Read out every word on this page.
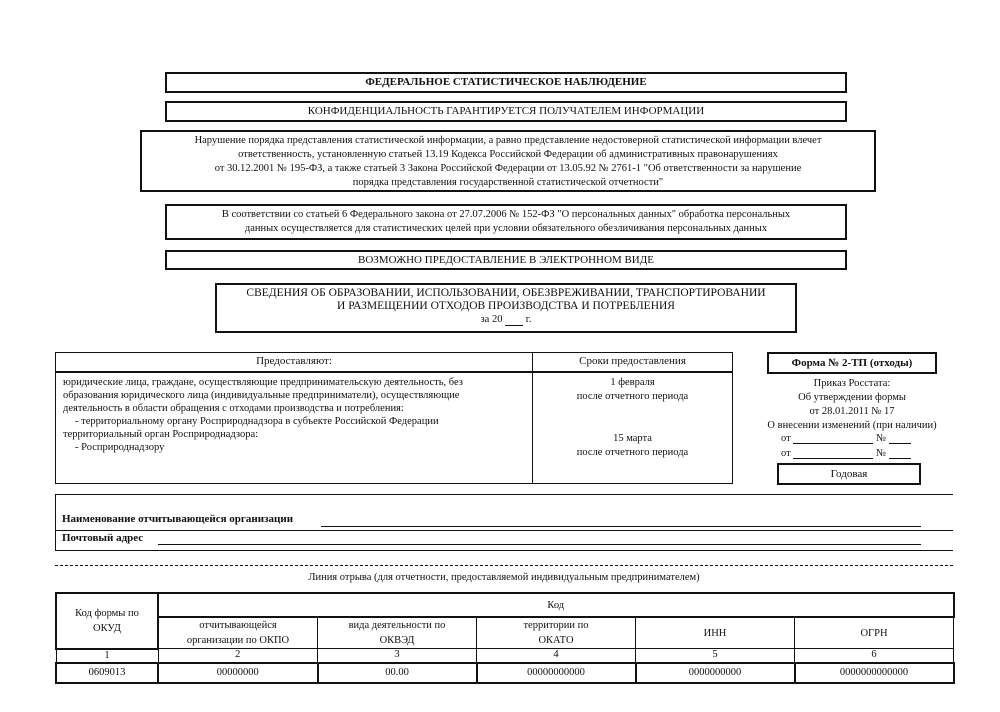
ФЕДЕРАЛЬНОЕ СТАТИСТИЧЕСКОЕ НАБЛЮДЕНИЕ
КОНФИДЕНЦИАЛЬНОСТЬ ГАРАНТИРУЕТСЯ ПОЛУЧАТЕЛЕМ ИНФОРМАЦИИ
Нарушение порядка представления статистической информации, а равно представление недостоверной статистической информации влечет
ответственность, установленную статьей 13.19 Кодекса Российской Федерации об административных правонарушениях
от 30.12.2001 № 195-ФЗ, а также статьей 3 Закона Российской Федерации от 13.05.92 № 2761-1 "Об ответственности за нарушение
порядка представления государственной статистической отчетности"
В соответствии со статьей 6 Федерального закона от 27.07.2006 № 152-ФЗ "О персональных данных" обработка персональных
данных осуществляется для статистических целей при условии обязательного обезличивания персональных данных
ВОЗМОЖНО ПРЕДОСТАВЛЕНИЕ В ЭЛЕКТРОННОМ ВИДЕ
СВЕДЕНИЯ ОБ ОБРАЗОВАНИИ, ИСПОЛЬЗОВАНИИ, ОБЕЗВРЕЖИВАНИИ, ТРАНСПОРТИРОВАНИИ
И РАЗМЕЩЕНИИ ОТХОДОВ ПРОИЗВОДСТВА И ПОТРЕБЛЕНИЯ
за 20 г.
Предоставляют:	Сроки предоставления
юридические лица, граждане, осуществляющие предпринимательскую деятельность, без
образования юридического лица (индивидуальные предприниматели), осуществляющие
деятельность в области обращения с отходами производства и потребления:
- территориальному органу Росприроднадзора в субъекте Российской Федерации
территориальный орган Росприроднадзора:
- Росприроднадзору
1 февраля
после отчетного периода
15 марта
после отчетного периода
Форма № 2-ТП (отходы)
Приказ Росстата:
Об утверждении формы
от 28.01.2011 № 17
О внесении изменений (при наличии)
от	№
от	№
Годовая
Наименование отчитывающейся организации
Почтовый адрес
Линия отрыва (для отчетности, предоставляемой индивидуальным предпринимателем)
Код формы по ОКУД	Код				

	отчитывающейся организации по ОКПО	вида деятельности по ОКВЭД	территории по ОКАТО	ИНН	ОГРН
1	2	3	4	5	6
0609013	00000000	00.00	00000000000	0000000000	0000000000000
